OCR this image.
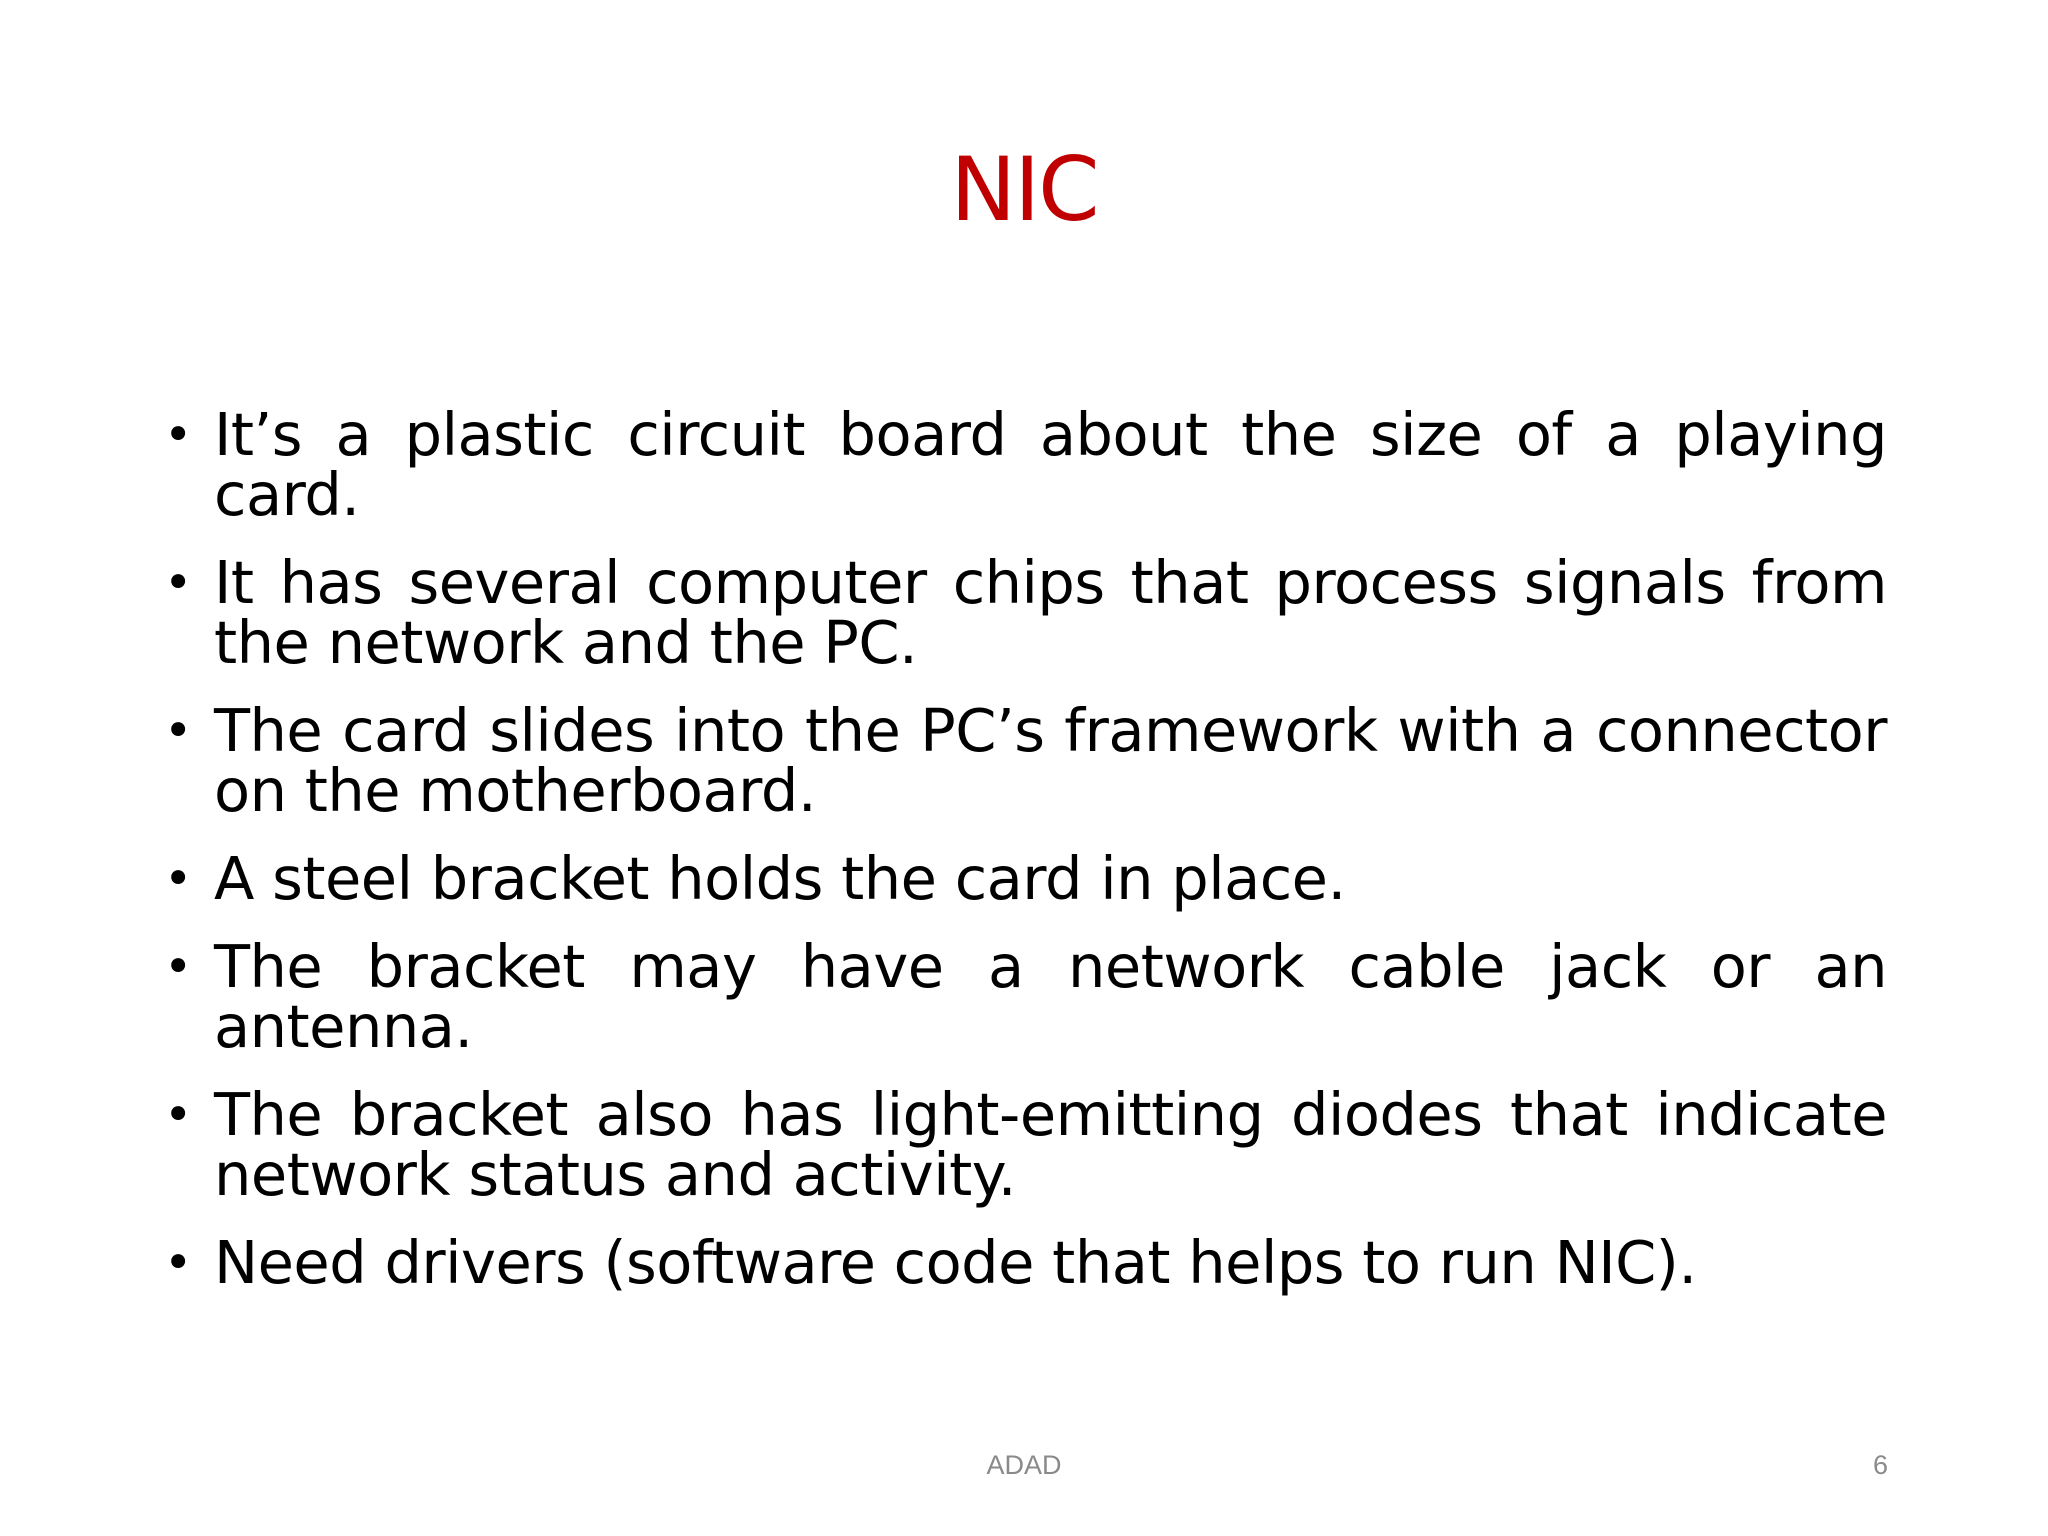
NIC
• It’s a plastic circuit board about the size of a playing card.
• It has several computer chips that process signals from the network and the PC.
• The card slides into the PC’s framework with a connector on the motherboard.
• A steel bracket holds the card in place.
• The bracket may have a network cable jack or an antenna.
• The bracket also has light-emitting diodes that indicate network status and activity.
• Need drivers (software code that helps to run NIC).
ADAD	6
